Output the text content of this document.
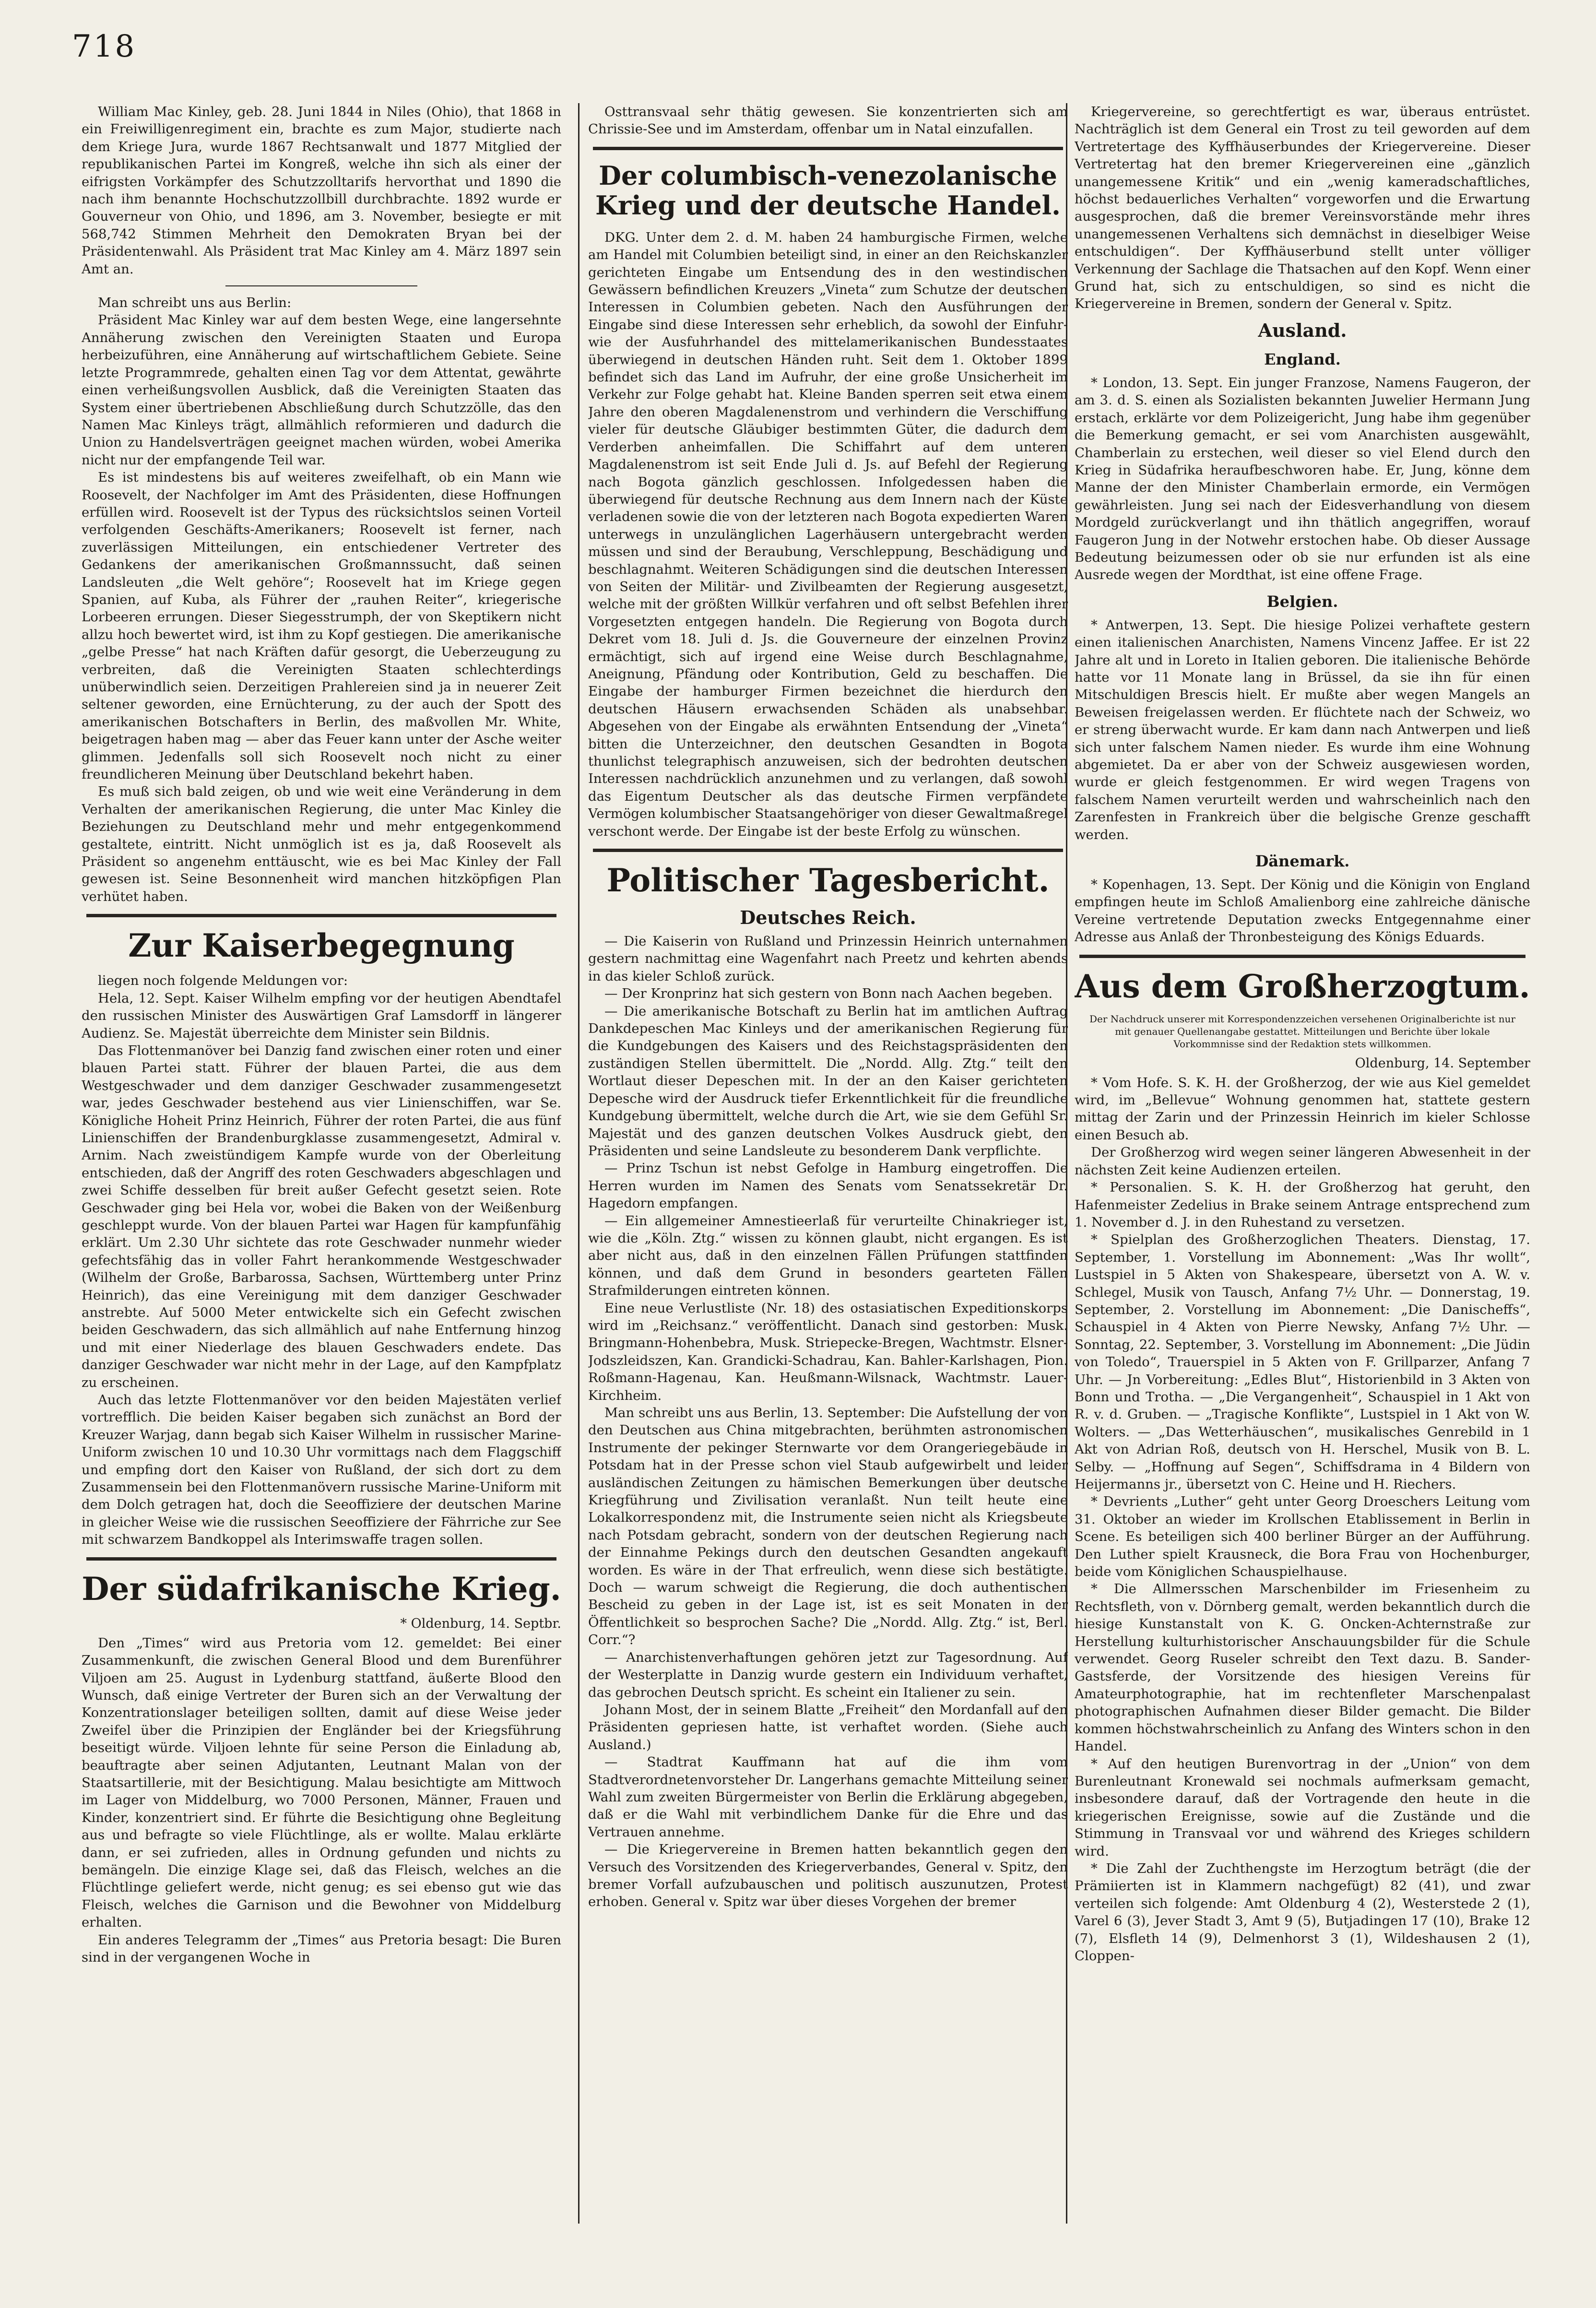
718

William Mac Kinley, geb. 28. Juni 1844 in Niles (Ohio), that 1868 in ein Freiwilligenregiment ein, brachte es zum Major, studierte nach dem Kriege Jura, wurde 1867 Rechtsanwalt und 1877 Mitglied der republikanischen Partei im Kongreß, welche ihn sich als einer der eifrigsten Vorkämpfer des Schutzzolltarifs hervorthat und 1890 die nach ihm benannte Hochschutzzollbill durchbrachte. 1892 wurde er Gouverneur von Ohio, und 1896, am 3. November, besiegte er mit 568,742 Stimmen Mehrheit den Demokraten Bryan bei der Präsidentenwahl. Als Präsident trat Mac Kinley am 4. März 1897 sein Amt an.

Man schreibt uns aus Berlin:

Präsident Mac Kinley war auf dem besten Wege, eine langersehnte Annäherung zwischen den Vereinigten Staaten und Europa herbeizuführen, eine Annäherung auf wirtschaftlichem Gebiete. Seine letzte Programmrede, gehalten einen Tag vor dem Attentat, gewährte einen verheißungsvollen Ausblick, daß die Vereinigten Staaten das System einer übertriebenen Abschließung durch Schutzzölle, das den Namen Mac Kinleys trägt, allmählich reformieren und dadurch die Union zu Handelsverträgen geeignet machen würden, wobei Amerika nicht nur der empfangende Teil war.

Es ist mindestens bis auf weiteres zweifelhaft, ob ein Mann wie Roosevelt, der Nachfolger im Amt des Präsidenten, diese Hoffnungen erfüllen wird. Roosevelt ist der Typus des rücksichtslos seinen Vorteil verfolgenden Geschäfts-Amerikaners; Roosevelt ist ferner, nach zuverlässigen Mitteilungen, ein entschiedener Vertreter des Gedankens der amerikanischen Großmannssucht, daß seinen Landsleuten „die Welt gehöre“; Roosevelt hat im Kriege gegen Spanien, auf Kuba, als Führer der „rauhen Reiter“, kriegerische Lorbeeren errungen. Dieser Siegesstrumph, der von Skeptikern nicht allzu hoch bewertet wird, ist ihm zu Kopf gestiegen. Die amerikanische „gelbe Presse“ hat nach Kräften dafür gesorgt, die Ueberzeugung zu verbreiten, daß die Vereinigten Staaten schlechterdings unüberwindlich seien. Derzeitigen Prahlereien sind ja in neuerer Zeit seltener geworden, eine Ernüchterung, zu der auch der Spott des amerikanischen Botschafters in Berlin, des maßvollen Mr. White, beigetragen haben mag — aber das Feuer kann unter der Asche weiter glimmen. Jedenfalls soll sich Roosevelt noch nicht zu einer freundlicheren Meinung über Deutschland bekehrt haben.

Es muß sich bald zeigen, ob und wie weit eine Veränderung in dem Verhalten der amerikanischen Regierung, die unter Mac Kinley die Beziehungen zu Deutschland mehr und mehr entgegenkommend gestaltete, eintritt. Nicht unmöglich ist es ja, daß Roosevelt als Präsident so angenehm enttäuscht, wie es bei Mac Kinley der Fall gewesen ist. Seine Besonnenheit wird manchen hitzköpfigen Plan verhütet haben.

Zur Kaiserbegegnung

liegen noch folgende Meldungen vor:

Hela, 12. Sept. Kaiser Wilhelm empfing vor der heutigen Abendtafel den russischen Minister des Auswärtigen Graf Lamsdorff in längerer Audienz. Se. Majestät überreichte dem Minister sein Bildnis.

Das Flottenmanöver bei Danzig fand zwischen einer roten und einer blauen Partei statt. Führer der blauen Partei, die aus dem Westgeschwader und dem danziger Geschwader zusammengesetzt war, jedes Geschwader bestehend aus vier Linienschiffen, war Se. Königliche Hoheit Prinz Heinrich, Führer der roten Partei, die aus fünf Linienschiffen der Brandenburgklasse zusammengesetzt, Admiral v. Arnim. Nach zweistündigem Kampfe wurde von der Oberleitung entschieden, daß der Angriff des roten Geschwaders abgeschlagen und zwei Schiffe desselben für breit außer Gefecht gesetzt seien. Rote Geschwader ging bei Hela vor, wobei die Baken von der Weißenburg geschleppt wurde. Von der blauen Partei war Hagen für kampfunfähig erklärt. Um 2.30 Uhr sichtete das rote Geschwader nunmehr wieder gefechtsfähig das in voller Fahrt herankommende Westgeschwader (Wilhelm der Große, Barbarossa, Sachsen, Württemberg unter Prinz Heinrich), das eine Vereinigung mit dem danziger Geschwader anstrebte. Auf 5000 Meter entwickelte sich ein Gefecht zwischen beiden Geschwadern, das sich allmählich auf nahe Entfernung hinzog und mit einer Niederlage des blauen Geschwaders endete. Das danziger Geschwader war nicht mehr in der Lage, auf den Kampfplatz zu erscheinen.

Auch das letzte Flottenmanöver vor den beiden Majestäten verlief vortrefflich. Die beiden Kaiser begaben sich zunächst an Bord der Kreuzer Warjag, dann begab sich Kaiser Wilhelm in russischer Marine-Uniform zwischen 10 und 10.30 Uhr vormittags nach dem Flaggschiff und empfing dort den Kaiser von Rußland, der sich dort zu dem Zusammensein bei den Flottenmanövern russische Marine-Uniform mit dem Dolch getragen hat, doch die Seeoffiziere der deutschen Marine in gleicher Weise wie die russischen Seeoffiziere der Fährriche zur See mit schwarzem Bandkoppel als Interimswaffe tragen sollen.

Der südafrikanische Krieg.
* Oldenburg, 14. Septbr.

Den „Times“ wird aus Pretoria vom 12. gemeldet: Bei einer Zusammenkunft, die zwischen General Blood und dem Burenführer Viljoen am 25. August in Lydenburg stattfand, äußerte Blood den Wunsch, daß einige Vertreter der Buren sich an der Verwaltung der Konzentrationslager beteiligen sollten, damit auf diese Weise jeder Zweifel über die Prinzipien der Engländer bei der Kriegsführung beseitigt würde. Viljoen lehnte für seine Person die Einladung ab, beauftragte aber seinen Adjutanten, Leutnant Malan von der Staatsartillerie, mit der Besichtigung. Malau besichtigte am Mittwoch im Lager von Middelburg, wo 7000 Personen, Männer, Frauen und Kinder, konzentriert sind. Er führte die Besichtigung ohne Begleitung aus und befragte so viele Flüchtlinge, als er wollte. Malau erklärte dann, er sei zufrieden, alles in Ordnung gefunden und nichts zu bemängeln. Die einzige Klage sei, daß das Fleisch, welches an die Flüchtlinge geliefert werde, nicht genug; es sei ebenso gut wie das Fleisch, welches die Garnison und die Bewohner von Middelburg erhalten.

Ein anderes Telegramm der „Times“ aus Pretoria besagt: Die Buren sind in der vergangenen Woche in

Osttransvaal sehr thätig gewesen. Sie konzentrierten sich am Chrissie-See und im Amsterdam, offenbar um in Natal einzufallen.

Der columbisch-venezolanische Krieg und der deutsche Handel.

DKG. Unter dem 2. d. M. haben 24 hamburgische Firmen, welche am Handel mit Columbien beteiligt sind, in einer an den Reichskanzler gerichteten Eingabe um Entsendung des in den westindischen Gewässern befindlichen Kreuzers „Vineta“ zum Schutze der deutschen Interessen in Columbien gebeten. Nach den Ausführungen der Eingabe sind diese Interessen sehr erheblich, da sowohl der Einfuhr- wie der Ausfuhrhandel des mittelamerikanischen Bundesstaates überwiegend in deutschen Händen ruht. Seit dem 1. Oktober 1899 befindet sich das Land im Aufruhr, der eine große Unsicherheit im Verkehr zur Folge gehabt hat. Kleine Banden sperren seit etwa einem Jahre den oberen Magdalenenstrom und verhindern die Verschiffung vieler für deutsche Gläubiger bestimmten Güter, die dadurch dem Verderben anheimfallen. Die Schiffahrt auf dem unteren Magdalenenstrom ist seit Ende Juli d. Js. auf Befehl der Regierung nach Bogota gänzlich geschlossen. Infolgedessen haben die überwiegend für deutsche Rechnung aus dem Innern nach der Küste verladenen sowie die von der letzteren nach Bogota expedierten Waren unterwegs in unzulänglichen Lagerhäusern untergebracht werden müssen und sind der Beraubung, Verschleppung, Beschädigung und beschlagnahmt. Weiteren Schädigungen sind die deutschen Interessen von Seiten der Militär- und Zivilbeamten der Regierung ausgesetzt, welche mit der größten Willkür verfahren und oft selbst Befehlen ihrer Vorgesetzten entgegen handeln. Die Regierung von Bogota durch Dekret vom 18. Juli d. Js. die Gouverneure der einzelnen Provinz ermächtigt, sich auf irgend eine Weise durch Beschlagnahme, Aneignung, Pfändung oder Kontribution, Geld zu beschaffen. Die Eingabe der hamburger Firmen bezeichnet die hierdurch den deutschen Häusern erwachsenden Schäden als unabsehbar. Abgesehen von der Eingabe als erwähnten Entsendung der „Vineta“ bitten die Unterzeichner, den deutschen Gesandten in Bogota thunlichst telegraphisch anzuweisen, sich der bedrohten deutschen Interessen nachdrücklich anzunehmen und zu verlangen, daß sowohl das Eigentum Deutscher als das deutsche Firmen verpfändete Vermögen kolumbischer Staatsangehöriger von dieser Gewaltmaßregel verschont werde. Der Eingabe ist der beste Erfolg zu wünschen.

Politischer Tagesbericht.
Deutsches Reich.

— Die Kaiserin von Rußland und Prinzessin Heinrich unternahmen gestern nachmittag eine Wagenfahrt nach Preetz und kehrten abends in das kieler Schloß zurück.

— Der Kronprinz hat sich gestern von Bonn nach Aachen begeben.

— Die amerikanische Botschaft zu Berlin hat im amtlichen Auftrag Dankdepeschen Mac Kinleys und der amerikanischen Regierung für die Kundgebungen des Kaisers und des Reichstagspräsidenten den zuständigen Stellen übermittelt. Die „Nordd. Allg. Ztg.“ teilt den Wortlaut dieser Depeschen mit. In der an den Kaiser gerichteten Depesche wird der Ausdruck tiefer Erkenntlichkeit für die freundliche Kundgebung übermittelt, welche durch die Art, wie sie dem Gefühl Sr. Majestät und des ganzen deutschen Volkes Ausdruck giebt, den Präsidenten und seine Landsleute zu besonderem Dank verpflichte.

— Prinz Tschun ist nebst Gefolge in Hamburg eingetroffen. Die Herren wurden im Namen des Senats vom Senatssekretär Dr. Hagedorn empfangen.

— Ein allgemeiner Amnestieerlaß für verurteilte Chinakrieger ist, wie die „Köln. Ztg.“ wissen zu können glaubt, nicht ergangen. Es ist aber nicht aus, daß in den einzelnen Fällen Prüfungen stattfinden können, und daß dem Grund in besonders gearteten Fällen Strafmilderungen eintreten können.

Eine neue Verlustliste (Nr. 18) des ostasiatischen Expeditionskorps wird im „Reichsanz.“ veröffentlicht. Danach sind gestorben: Musk. Bringmann-Hohenbebra, Musk. Striepecke-Bregen, Wachtmstr. Elsner-Jodszleidszen, Kan. Grandicki-Schadrau, Kan. Bahler-Karlshagen, Pion. Roßmann-Hagenau, Kan. Heußmann-Wilsnack, Wachtmstr. Lauer-Kirchheim.

Man schreibt uns aus Berlin, 13. September: Die Aufstellung der von den Deutschen aus China mitgebrachten, berühmten astronomischen Instrumente der pekinger Sternwarte vor dem Orangeriegebäude in Potsdam hat in der Presse schon viel Staub aufgewirbelt und leider ausländischen Zeitungen zu hämischen Bemerkungen über deutsche Kriegführung und Zivilisation veranlaßt. Nun teilt heute eine Lokalkorrespondenz mit, die Instrumente seien nicht als Kriegsbeute nach Potsdam gebracht, sondern von der deutschen Regierung nach der Einnahme Pekings durch den deutschen Gesandten angekauft worden. Es wäre in der That erfreulich, wenn diese sich bestätigte. Doch — warum schweigt die Regierung, die doch authentischen Bescheid zu geben in der Lage ist, ist es seit Monaten in der Öffentlichkeit so besprochen Sache? Die „Nordd. Allg. Ztg.“ ist, Berl. Corr.“?

— Anarchistenverhaftungen gehören jetzt zur Tagesordnung. Auf der Westerplatte in Danzig wurde gestern ein Individuum verhaftet, das gebrochen Deutsch spricht. Es scheint ein Italiener zu sein.

Johann Most, der in seinem Blatte „Freiheit“ den Mordanfall auf den Präsidenten gepriesen hatte, ist verhaftet worden. (Siehe auch Ausland.)

— Stadtrat Kauffmann hat auf die ihm vom Stadtverordnetenvorsteher Dr. Langerhans gemachte Mitteilung seiner Wahl zum zweiten Bürgermeister von Berlin die Erklärung abgegeben, daß er die Wahl mit verbindlichem Danke für die Ehre und das Vertrauen annehme.

— Die Kriegervereine in Bremen hatten bekanntlich gegen den Versuch des Vorsitzenden des Kriegerverbandes, General v. Spitz, den bremer Vorfall aufzubauschen und politisch auszunutzen, Protest erhoben. General v. Spitz war über dieses Vorgehen der bremer

Kriegervereine, so gerechtfertigt es war, überaus entrüstet. Nachträglich ist dem General ein Trost zu teil geworden auf dem Vertretertage des Kyffhäuserbundes der Kriegervereine. Dieser Vertretertag hat den bremer Kriegervereinen eine „gänzlich unangemessene Kritik“ und ein „wenig kameradschaftliches, höchst bedauerliches Verhalten“ vorgeworfen und die Erwartung ausgesprochen, daß die bremer Vereinsvorstände mehr ihres unangemessenen Verhaltens sich demnächst in dieselbiger Weise entschuldigen“. Der Kyffhäuserbund stellt unter völliger Verkennung der Sachlage die Thatsachen auf den Kopf. Wenn einer Grund hat, sich zu entschuldigen, so sind es nicht die Kriegervereine in Bremen, sondern der General v. Spitz.

Ausland.
England.

* London, 13. Sept. Ein junger Franzose, Namens Faugeron, der am 3. d. S. einen als Sozialisten bekannten Juwelier Hermann Jung erstach, erklärte vor dem Polizeigericht, Jung habe ihm gegenüber die Bemerkung gemacht, er sei vom Anarchisten ausgewählt, Chamberlain zu erstechen, weil dieser so viel Elend durch den Krieg in Südafrika heraufbeschworen habe. Er, Jung, könne dem Manne der den Minister Chamberlain ermorde, ein Vermögen gewährleisten. Jung sei nach der Eidesverhandlung von diesem Mordgeld zurückverlangt und ihn thätlich angegriffen, worauf Faugeron Jung in der Notwehr erstochen habe. Ob dieser Aussage Bedeutung beizumessen oder ob sie nur erfunden ist als eine Ausrede wegen der Mordthat, ist eine offene Frage.

Belgien.

* Antwerpen, 13. Sept. Die hiesige Polizei verhaftete gestern einen italienischen Anarchisten, Namens Vincenz Jaffee. Er ist 22 Jahre alt und in Loreto in Italien geboren. Die italienische Behörde hatte vor 11 Monate lang in Brüssel, da sie ihn für einen Mitschuldigen Brescis hielt. Er mußte aber wegen Mangels an Beweisen freigelassen werden. Er flüchtete nach der Schweiz, wo er streng überwacht wurde. Er kam dann nach Antwerpen und ließ sich unter falschem Namen nieder. Es wurde ihm eine Wohnung abgemietet. Da er aber von der Schweiz ausgewiesen worden, wurde er gleich festgenommen. Er wird wegen Tragens von falschem Namen verurteilt werden und wahrscheinlich nach den Zarenfesten in Frankreich über die belgische Grenze geschafft werden.

Dänemark.

* Kopenhagen, 13. Sept. Der König und die Königin von England empfingen heute im Schloß Amalienborg eine zahlreiche dänische Vereine vertretende Deputation zwecks Entgegennahme einer Adresse aus Anlaß der Thronbesteigung des Königs Eduards.

Aus dem Großherzogtum.
Der Nachdruck unserer mit Korrespondenzzeichen versehenen Originalberichte ist nur mit genauer Quellenangabe gestattet. Mitteilungen und Berichte über lokale Vorkommnisse sind der Redaktion stets willkommen.
Oldenburg, 14. September

* Vom Hofe. S. K. H. der Großherzog, der wie aus Kiel gemeldet wird, im „Bellevue“ Wohnung genommen hat, stattete gestern mittag der Zarin und der Prinzessin Heinrich im kieler Schlosse einen Besuch ab.

Der Großherzog wird wegen seiner längeren Abwesenheit in der nächsten Zeit keine Audienzen erteilen.

* Personalien. S. K. H. der Großherzog hat geruht, den Hafenmeister Zedelius in Brake seinem Antrage entsprechend zum 1. November d. J. in den Ruhestand zu versetzen.

* Spielplan des Großherzoglichen Theaters. Dienstag, 17. September, 1. Vorstellung im Abonnement: „Was Ihr wollt“, Lustspiel in 5 Akten von Shakespeare, übersetzt von A. W. v. Schlegel, Musik von Tausch, Anfang 7½ Uhr. — Donnerstag, 19. September, 2. Vorstellung im Abonnement: „Die Danischeffs“, Schauspiel in 4 Akten von Pierre Newsky, Anfang 7½ Uhr. — Sonntag, 22. September, 3. Vorstellung im Abonnement: „Die Jüdin von Toledo“, Trauerspiel in 5 Akten von F. Grillparzer, Anfang 7 Uhr. — Jn Vorbereitung: „Edles Blut“, Historienbild in 3 Akten von Bonn und Trotha. — „Die Vergangenheit“, Schauspiel in 1 Akt von R. v. d. Gruben. — „Tragische Konflikte“, Lustspiel in 1 Akt von W. Wolters. — „Das Wetterhäuschen“, musikalisches Genrebild in 1 Akt von Adrian Roß, deutsch von H. Herschel, Musik von B. L. Selby. — „Hoffnung auf Segen“, Schiffsdrama in 4 Bildern von Heijermanns jr., übersetzt von C. Heine und H. Riechers.

* Devrients „Luther“ geht unter Georg Droeschers Leitung vom 31. Oktober an wieder im Krollschen Etablissement in Berlin in Scene. Es beteiligen sich 400 berliner Bürger an der Aufführung. Den Luther spielt Krausneck, die Bora Frau von Hochenburger, beide vom Königlichen Schauspielhause.

* Die Allmersschen Marschenbilder im Friesenheim zu Rechtsfleth, von v. Dörnberg gemalt, werden bekanntlich durch die hiesige Kunstanstalt von K. G. Oncken-Achternstraße zur Herstellung kulturhistorischer Anschauungsbilder für die Schule verwendet. Georg Ruseler schreibt den Text dazu. B. Sander-Gastsferde, der Vorsitzende des hiesigen Vereins für Amateurphotographie, hat im rechtenfleter Marschenpalast photographischen Aufnahmen dieser Bilder gemacht. Die Bilder kommen höchstwahrscheinlich zu Anfang des Winters schon in den Handel.

* Auf den heutigen Burenvortrag in der „Union“ von dem Burenleutnant Kronewald sei nochmals aufmerksam gemacht, insbesondere darauf, daß der Vortragende den heute in die kriegerischen Ereignisse, sowie auf die Zustände und die Stimmung in Transvaal vor und während des Krieges schildern wird.

* Die Zahl der Zuchthengste im Herzogtum beträgt (die der Prämiierten ist in Klammern nachgefügt) 82 (41), und zwar verteilen sich folgende: Amt Oldenburg 4 (2), Westerstede 2 (1), Varel 6 (3), Jever Stadt 3, Amt 9 (5), Butjadingen 17 (10), Brake 12 (7), Elsfleth 14 (9), Delmenhorst 3 (1), Wildeshausen 2 (1), Cloppen-
